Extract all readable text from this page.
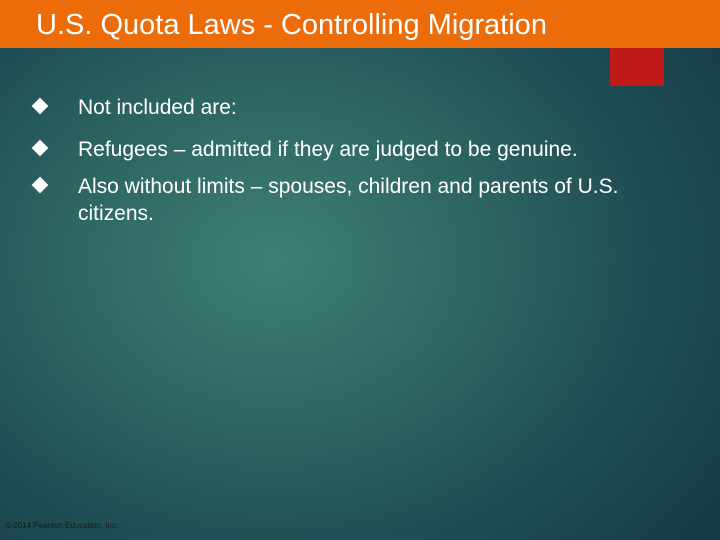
U.S. Quota Laws - Controlling Migration
Not included are:
Refugees – admitted if they are judged to be genuine.
Also without limits – spouses, children and parents of U.S. citizens.
© 2014 Pearson Education, Inc.
